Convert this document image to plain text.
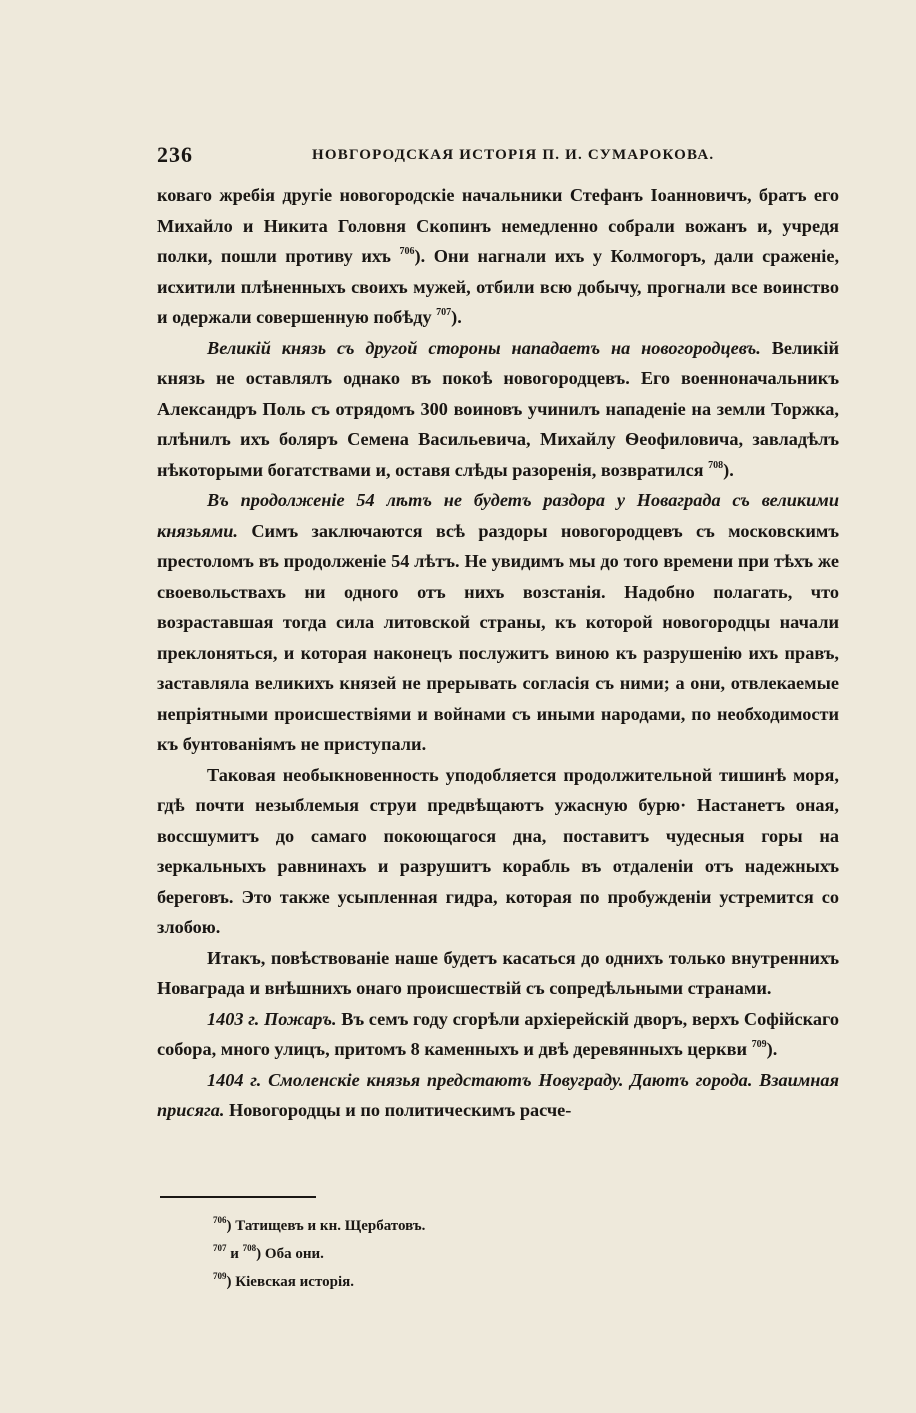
236	НОВГОРОДСКАЯ ИСТОРІЯ П. И. СУМАРОКОВА.

коваго жребія другіе новогородскіе начальники Стефанъ Іоанновичъ, братъ его Михайло и Никита Головня Скопинъ немедленно собрали вожанъ и, учредя полки, пошли противу ихъ $^{706}$). Они нагнали ихъ у Колмогоръ, дали сраженіе, исхитили плѣненныхъ своихъ мужей, отбили всю добычу, прогнали все воинство и одержали совершенную побѣду $^{707}$).

Великій князь съ другой стороны нападаетъ на новогородцевъ. Великій князь не оставлялъ однако въ покоѣ новогородцевъ. Его военноначальникъ Александръ Поль съ отрядомъ 300 воиновъ учинилъ нападеніе на земли Торжка, плѣнилъ ихъ боляръ Семена Васильевича, Михайлу Ѳеофиловича, завладѣлъ нѣкоторыми богатствами и, оставя слѣды разоренія, возвратился $^{708}$).

Въ продолженіе 54 лѣтъ не будетъ раздора у Новаграда съ великими князьями. Симъ заключаются всѣ раздоры новогородцевъ съ московскимъ престоломъ въ продолженіе 54 лѣтъ. Не увидимъ мы до того времени при тѣхъ же своевольствахъ ни одного отъ нихъ возстанія. Надобно полагать, что возраставшая тогда сила литовской страны, къ которой новогородцы начали преклоняться, и которая наконецъ послужитъ виною къ разрушенію ихъ правъ, заставляла великихъ князей не прерывать согласія съ ними; а они, отвлекаемые непріятными происшествіями и войнами съ иными народами, по необходимости къ бунтованіямъ не приступали.

Таковая необыкновенность уподобляется продолжительной тишинѣ моря, гдѣ почти незыблемыя струи предвѣщаютъ ужасную бурю· Настанетъ оная, воссшумитъ до самаго покоющагося дна, поставитъ чудесныя горы на зеркальныхъ равнинахъ и разрушитъ корабль въ отдаленіи отъ надежныхъ береговъ. Это также усыпленная гидра, которая по пробужденіи устремится со злобою.

Итакъ, повѣствованіе наше будетъ касаться до однихъ только внутреннихъ Новаграда и внѣшнихъ онаго происшествій съ сопредѣльными странами.

1403 г. Пожаръ. Въ семъ году сгорѣли архіерейскій дворъ, верхъ Софійскаго собора, много улицъ, притомъ 8 каменныхъ и двѣ деревянныхъ церкви $^{709}$).

1404 г. Смоленскіе князья предстаютъ Новуграду. Даютъ города. Взаимная присяга. Новогородцы и по политическимъ расче-

$^{706}$) Татищевъ и кн. Щербатовъ.
$^{707}$ и $^{708}$) Оба они.
$^{709}$) Кіевская исторія.
